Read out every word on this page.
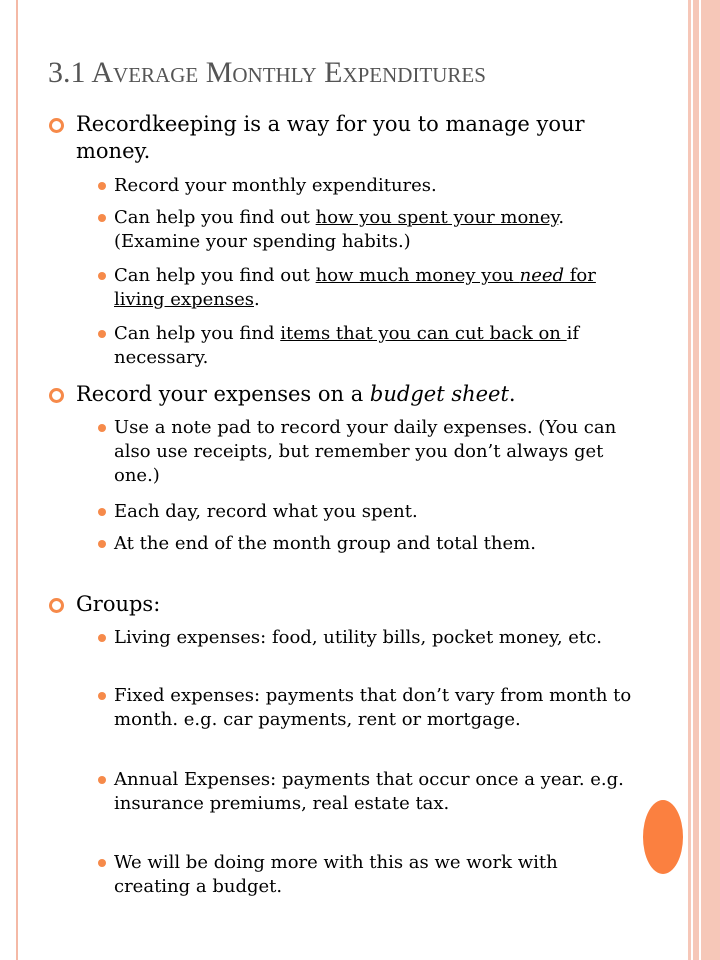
3.1 AVERAGE MONTHLY EXPENDITURES
Recordkeeping is a way for you to manage your money.
Record your monthly expenditures.
Can help you find out how you spent your money. (Examine your spending habits.)
Can help you find out how much money you need for living expenses.
Can help you find items that you can cut back on if necessary.
Record your expenses on a budget sheet.
Use a note pad to record your daily expenses. (You can also use receipts, but remember you don’t always get one.)
Each day, record what you spent.
At the end of the month group and total them.
Groups:
Living expenses: food, utility bills, pocket money, etc.
Fixed expenses: payments that don’t vary from month to month. e.g. car payments, rent or mortgage.
Annual Expenses: payments that occur once a year. e.g. insurance premiums, real estate tax.
We will be doing more with this as we work with creating a budget.
